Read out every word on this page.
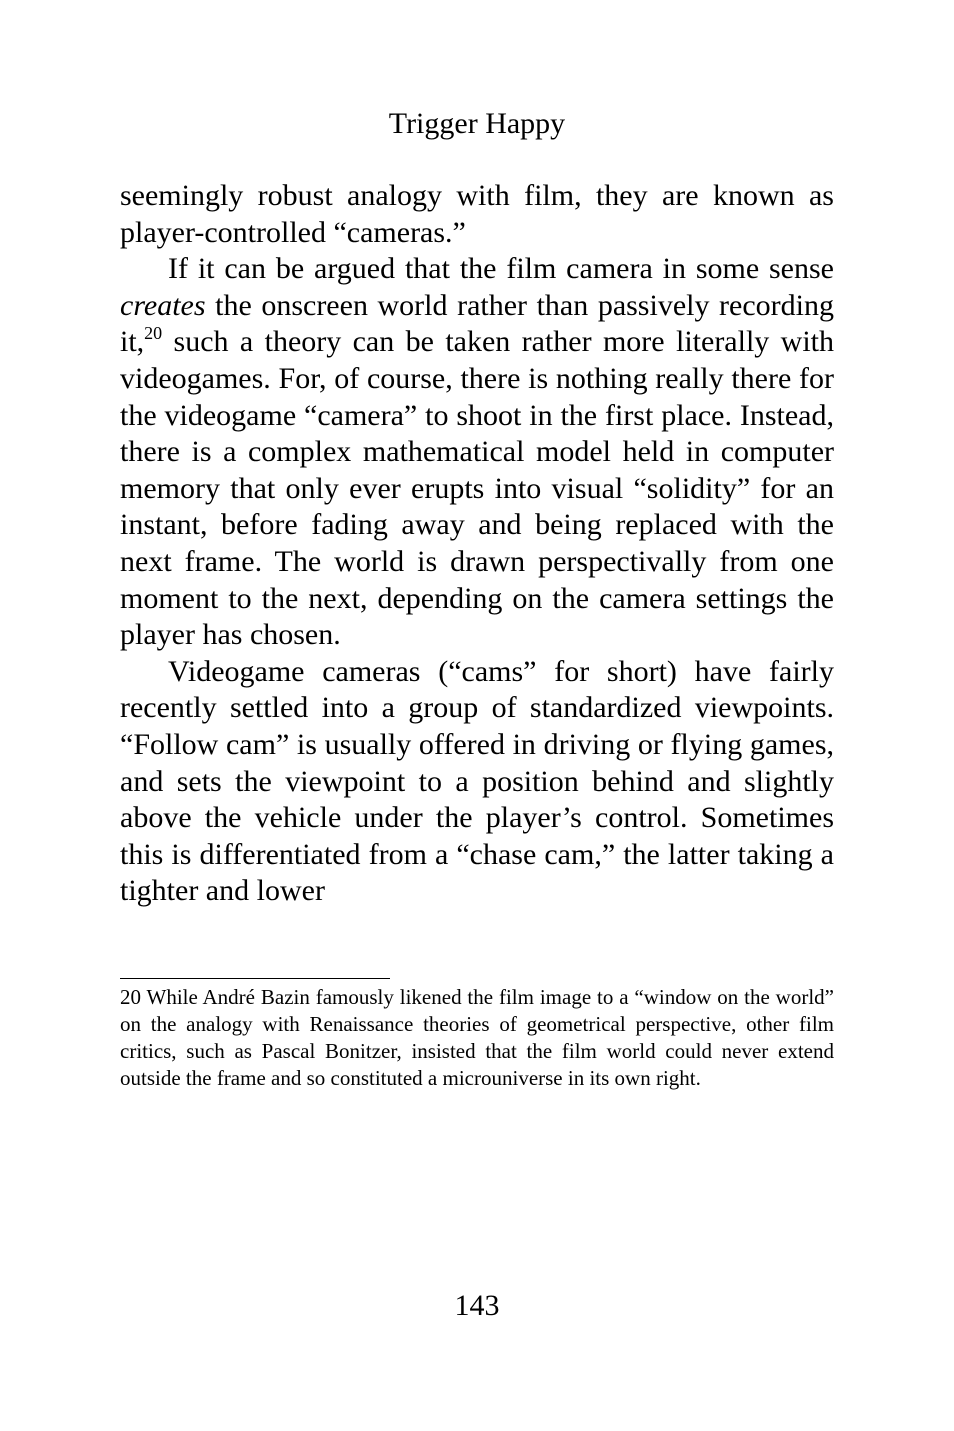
Trigger Happy

seemingly robust analogy with film, they are known as player-controlled “cameras.”

If it can be argued that the film camera in some sense creates the onscreen world rather than passively recording it,$^{20}$ such a theory can be taken rather more literally with videogames. For, of course, there is nothing really there for the videogame “camera” to shoot in the first place. Instead, there is a complex mathematical model held in computer memory that only ever erupts into visual “solidity” for an instant, before fading away and being replaced with the next frame. The world is drawn perspectivally from one moment to the next, depending on the camera settings the player has chosen.

Videogame cameras (“cams” for short) have fairly recently settled into a group of standardized viewpoints. “Follow cam” is usually offered in driving or flying games, and sets the viewpoint to a position behind and slightly above the vehicle under the player’s control. Sometimes this is differentiated from a “chase cam,” the latter taking a tighter and lower

20 While André Bazin famously likened the film image to a “window on the world” on the analogy with Renaissance theories of geometrical perspective, other film critics, such as Pascal Bonitzer, insisted that the film world could never extend outside the frame and so constituted a microuniverse in its own right.

143
